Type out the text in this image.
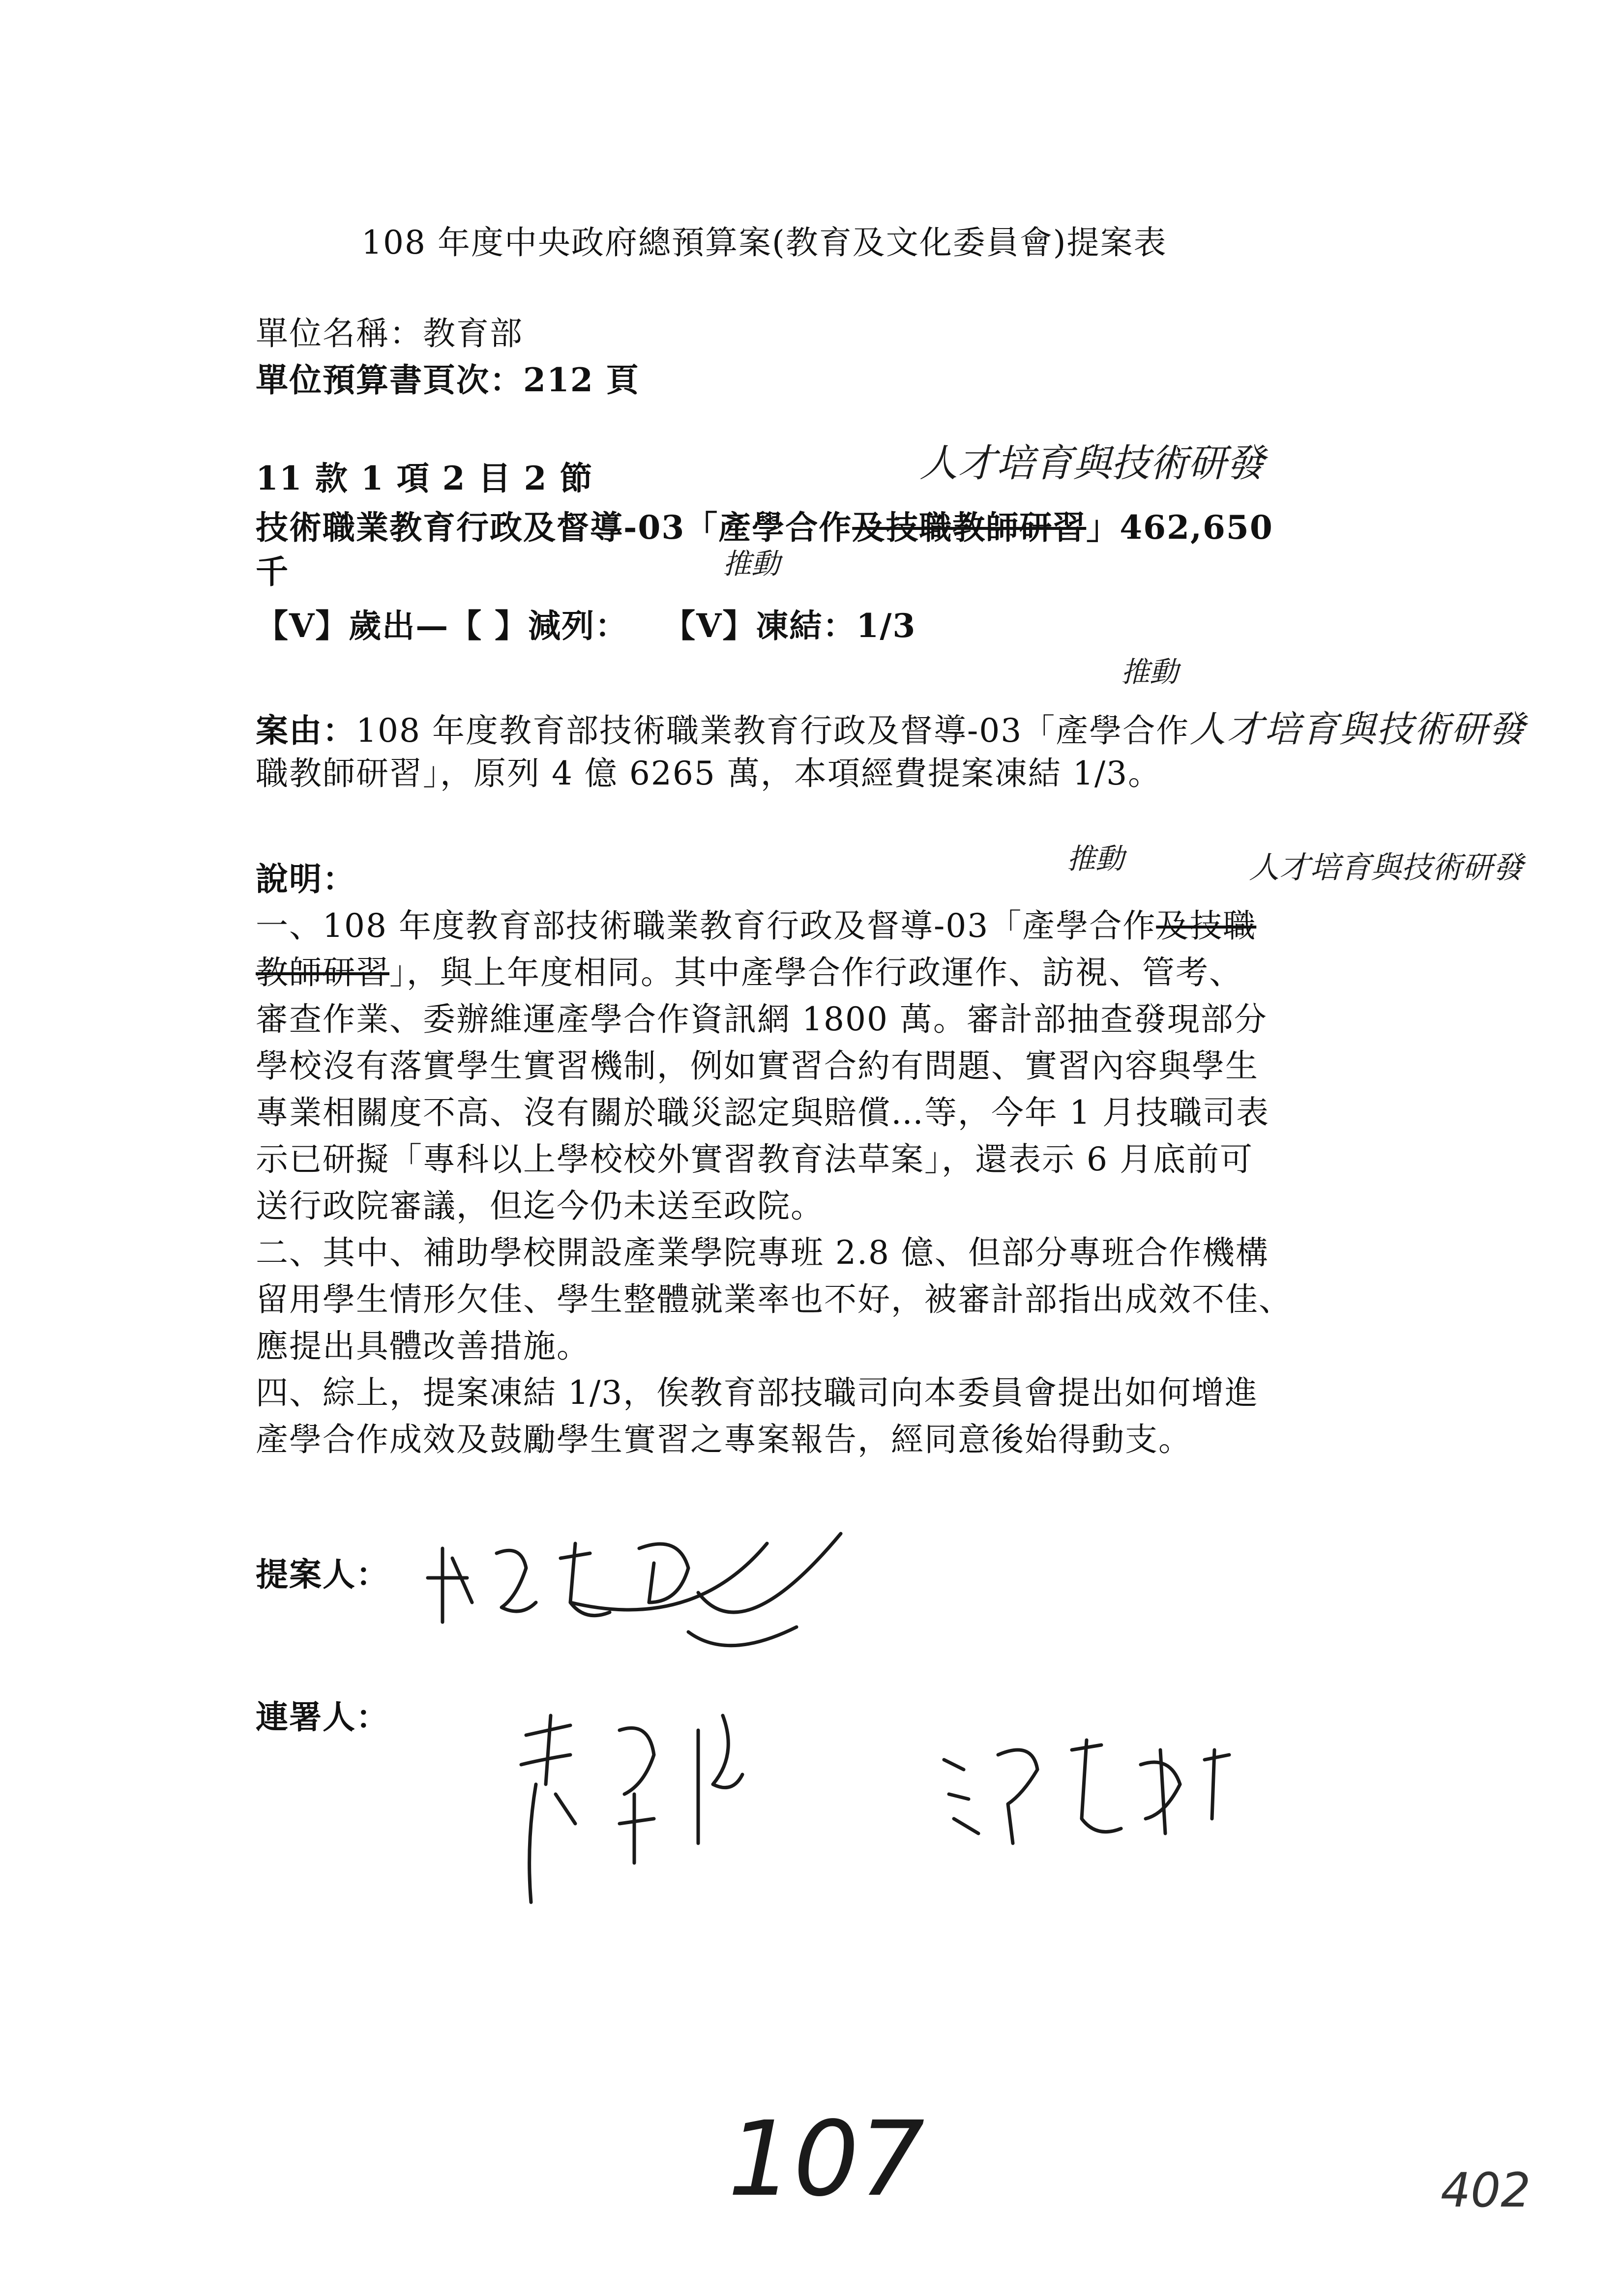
108 年度中央政府總預算案(教育及文化委員會)提案表
單位名稱：教育部
單位預算書頁次：212 頁
11 款 1 項 2 目 2 節	人才培育與技術研發
技術職業教育行政及督導-03「產學合作及技職教師研習」462,650
千	推動
【V】歲出—【 】減列：　　【V】凍結：1/3
推動
案由：108 年度教育部技術職業教育行政及督導-03「產學合作人才培育與技術研發
職教師研習」，原列 4 億 6265 萬，本項經費提案凍結 1/3。
說明：
推動	人才培育與技術研發
一、108 年度教育部技術職業教育行政及督導-03「產學合作及技職
教師研習」，與上年度相同。其中產學合作行政運作、訪視、管考、
審查作業、委辦維運產學合作資訊網 1800 萬。審計部抽查發現部分
學校沒有落實學生實習機制，例如實習合約有問題、實習內容與學生
專業相關度不高、沒有關於職災認定與賠償…等，今年 1 月技職司表
示已研擬「專科以上學校校外實習教育法草案」，還表示 6 月底前可
送行政院審議，但迄今仍未送至政院。
二、其中、補助學校開設產業學院專班 2.8 億、但部分專班合作機構
留用學生情形欠佳、學生整體就業率也不好，被審計部指出成效不佳、
應提出具體改善措施。
四、綜上，提案凍結 1/3，俟教育部技職司向本委員會提出如何增進
產學合作成效及鼓勵學生實習之專案報告，經同意後始得動支。
提案人：
連署人：
107	402
